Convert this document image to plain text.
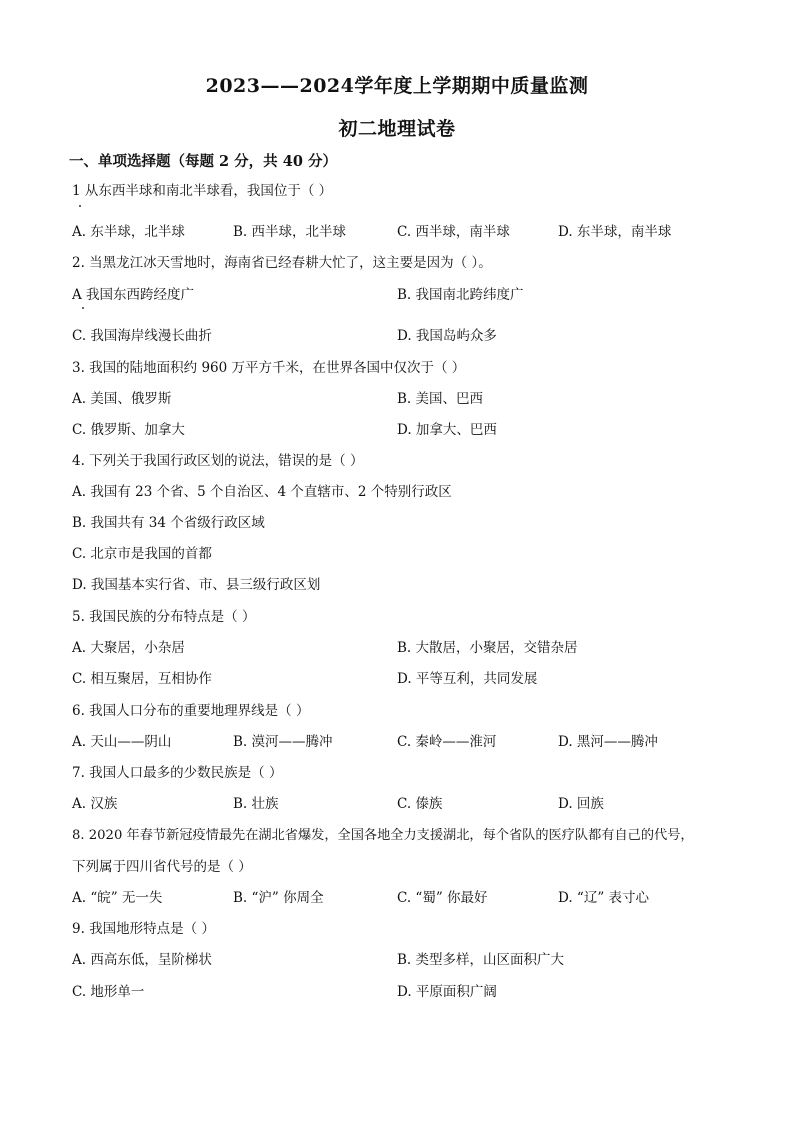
2023——2024学年度上学期期中质量监测
初二地理试卷
一、单项选择题（每题 2 分，共 40 分）
1 从东西半球和南北半球看，我国位于（ ）
A. 东半球，北半球	B. 西半球，北半球	C. 西半球，南半球	D. 东半球，南半球
2. 当黑龙江冰天雪地时，海南省已经春耕大忙了，这主要是因为（ ）。
A 我国东西跨经度广	B. 我国南北跨纬度广
C. 我国海岸线漫长曲折	D. 我国岛屿众多
3. 我国的陆地面积约 960 万平方千米，在世界各国中仅次于（ ）
A. 美国、俄罗斯	B. 美国、巴西
C. 俄罗斯、加拿大	D. 加拿大、巴西
4. 下列关于我国行政区划的说法，错误的是（ ）
A. 我国有 23 个省、5 个自治区、4 个直辖市、2 个特别行政区
B. 我国共有 34 个省级行政区域
C. 北京市是我国的首都
D. 我国基本实行省、市、县三级行政区划
5. 我国民族的分布特点是（ ）
A. 大聚居，小杂居	B. 大散居，小聚居，交错杂居
C. 相互聚居，互相协作	D. 平等互利，共同发展
6. 我国人口分布的重要地理界线是（ ）
A. 天山——阴山	B. 漠河——腾冲	C. 秦岭——淮河	D. 黑河——腾冲
7. 我国人口最多的少数民族是（ ）
A. 汉族	B. 壮族	C. 傣族	D. 回族
8. 2020 年春节新冠疫情最先在湖北省爆发，全国各地全力支援湖北，每个省队的医疗队都有自己的代号，
下列属于四川省代号的是（ ）
A. “皖” 无一失	B. “沪” 你周全	C. “蜀” 你最好	D. “辽” 表寸心
9. 我国地形特点是（ ）
A. 西高东低，呈阶梯状	B. 类型多样，山区面积广大
C. 地形单一	D. 平原面积广阔
